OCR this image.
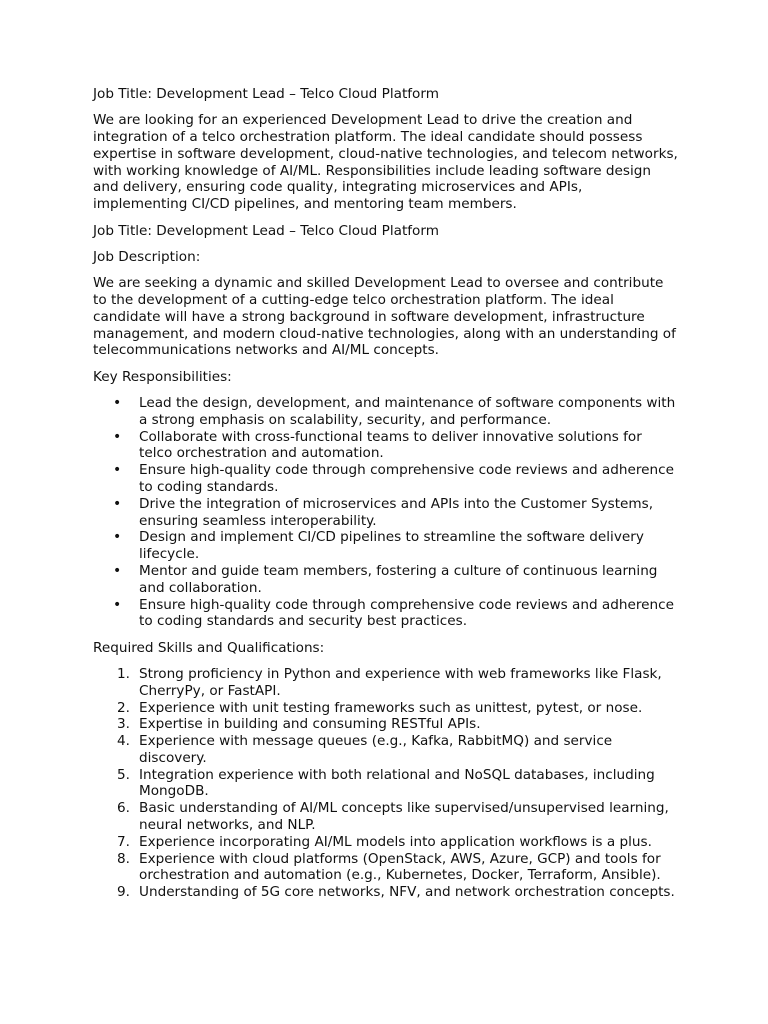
Job Title: Development Lead – Telco Cloud Platform

We are looking for an experienced Development Lead to drive the creation and integration of a telco orchestration platform. The ideal candidate should possess expertise in software development, cloud-native technologies, and telecom networks, with working knowledge of AI/ML. Responsibilities include leading software design and delivery, ensuring code quality, integrating microservices and APIs, implementing CI/CD pipelines, and mentoring team members.

Job Title: Development Lead – Telco Cloud Platform

Job Description:

We are seeking a dynamic and skilled Development Lead to oversee and contribute to the development of a cutting-edge telco orchestration platform. The ideal candidate will have a strong background in software development, infrastructure management, and modern cloud-native technologies, along with an understanding of telecommunications networks and AI/ML concepts.

Key Responsibilities:

• Lead the design, development, and maintenance of software components with a strong emphasis on scalability, security, and performance.
• Collaborate with cross-functional teams to deliver innovative solutions for telco orchestration and automation.
• Ensure high-quality code through comprehensive code reviews and adherence to coding standards.
• Drive the integration of microservices and APIs into the Customer Systems, ensuring seamless interoperability.
• Design and implement CI/CD pipelines to streamline the software delivery lifecycle.
• Mentor and guide team members, fostering a culture of continuous learning and collaboration.
• Ensure high-quality code through comprehensive code reviews and adherence to coding standards and security best practices.

Required Skills and Qualifications:

1. Strong proficiency in Python and experience with web frameworks like Flask, CherryPy, or FastAPI.
2. Experience with unit testing frameworks such as unittest, pytest, or nose.
3. Expertise in building and consuming RESTful APIs.
4. Experience with message queues (e.g., Kafka, RabbitMQ) and service discovery.
5. Integration experience with both relational and NoSQL databases, including MongoDB.
6. Basic understanding of AI/ML concepts like supervised/unsupervised learning, neural networks, and NLP.
7. Experience incorporating AI/ML models into application workflows is a plus.
8. Experience with cloud platforms (OpenStack, AWS, Azure, GCP) and tools for orchestration and automation (e.g., Kubernetes, Docker, Terraform, Ansible).
9. Understanding of 5G core networks, NFV, and network orchestration concepts.
